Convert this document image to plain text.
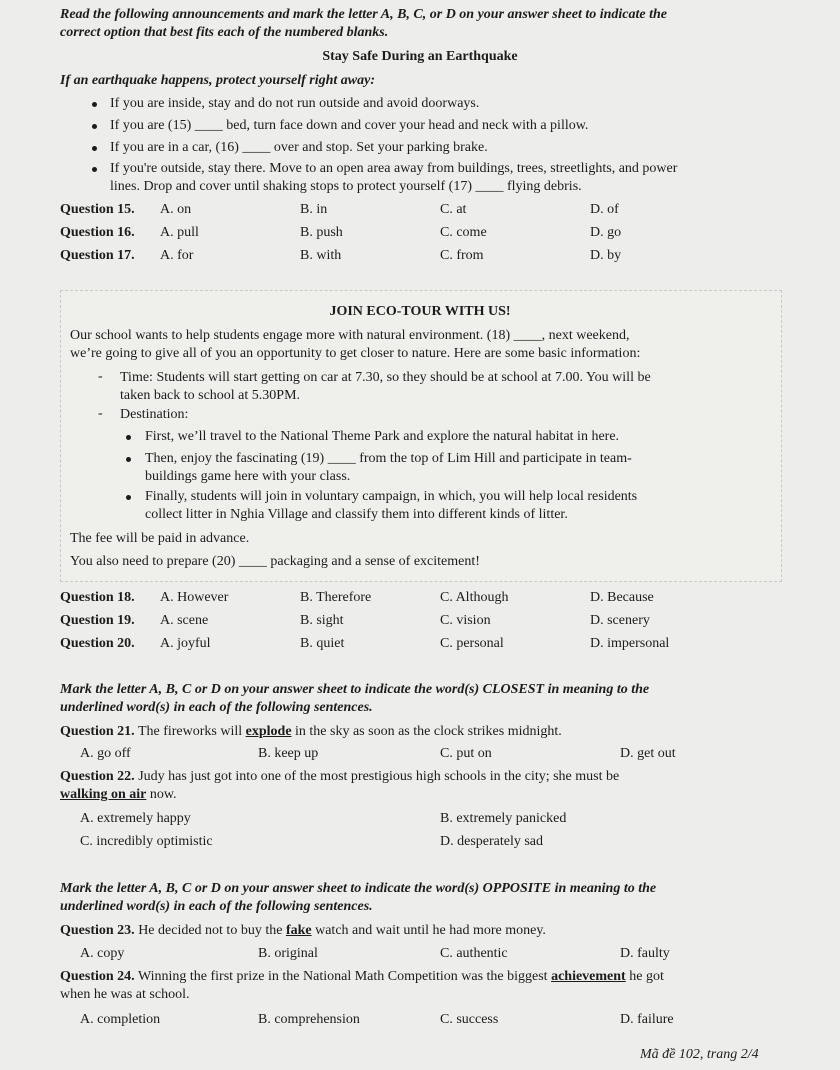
Read the following announcements and mark the letter A, B, C, or D on your answer sheet to indicate the
correct option that best fits each of the numbered blanks.
Stay Safe During an Earthquake
If an earthquake happens, protect yourself right away:
If you are inside, stay and do not run outside and avoid doorways.
If you are (15) ____ bed, turn face down and cover your head and neck with a pillow.
If you are in a car, (16) ____ over and stop. Set your parking brake.
If you're outside, stay there. Move to an open area away from buildings, trees, streetlights, and power
lines. Drop and cover until shaking stops to protect yourself (17) ____ flying debris.
Question 15. A. on	B. in	C. at	D. of
Question 16. A. pull	B. push	C. come	D. go
Question 17. A. for	B. with	C. from	D. by
JOIN ECO-TOUR WITH US!
Our school wants to help students engage more with natural environment. (18) ____, next weekend,
we’re going to give all of you an opportunity to get closer to nature. Here are some basic information:
- Time: Students will start getting on car at 7.30, so they should be at school at 7.00. You will be
taken back to school at 5.30PM.
- Destination:
First, we’ll travel to the National Theme Park and explore the natural habitat in here.
Then, enjoy the fascinating (19) ____ from the top of Lim Hill and participate in team-
buildings game here with your class.
Finally, students will join in voluntary campaign, in which, you will help local residents
collect litter in Nghia Village and classify them into different kinds of litter.
The fee will be paid in advance.
You also need to prepare (20) ____ packaging and a sense of excitement!
Question 18. A. However	B. Therefore	C. Although	D. Because
Question 19. A. scene	B. sight	C. vision	D. scenery
Question 20. A. joyful	B. quiet	C. personal	D. impersonal
Mark the letter A, B, C or D on your answer sheet to indicate the word(s) CLOSEST in meaning to the
underlined word(s) in each of the following sentences.
Question 21. The fireworks will explode in the sky as soon as the clock strikes midnight.
A. go off	B. keep up	C. put on	D. get out
Question 22. Judy has just got into one of the most prestigious high schools in the city; she must be
walking on air now.
A. extremely happy	B. extremely panicked
C. incredibly optimistic	D. desperately sad
Mark the letter A, B, C or D on your answer sheet to indicate the word(s) OPPOSITE in meaning to the
underlined word(s) in each of the following sentences.
Question 23. He decided not to buy the fake watch and wait until he had more money.
A. copy	B. original	C. authentic	D. faulty
Question 24. Winning the first prize in the National Math Competition was the biggest achievement he got
when he was at school.
A. completion	B. comprehension	C. success	D. failure
Mã đề 102, trang 2/4
